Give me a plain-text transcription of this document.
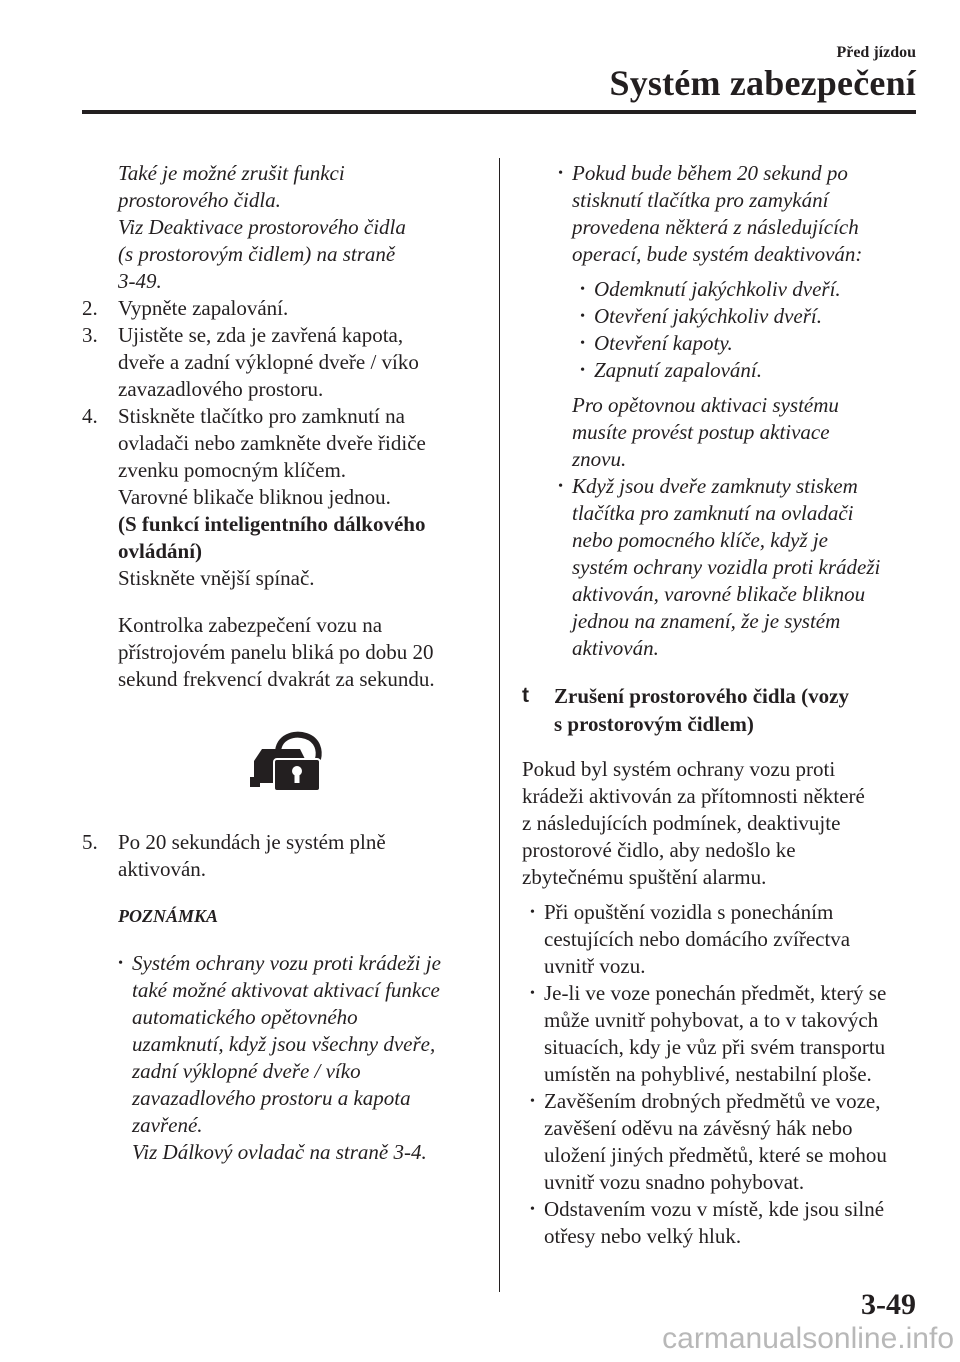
Před jízdou
Systém zabezpečení
Také je možné zrušit funkci
prostorového čidla.
Viz Deaktivace prostorového čidla
(s prostorovým čidlem) na straně
3-49.
2. Vypněte zapalování.
3. Ujistěte se, zda je zavřená kapota,
dveře a zadní výklopné dveře / víko
zavazadlového prostoru.
4. Stiskněte tlačítko pro zamknutí na
ovladači nebo zamkněte dveře řidiče
zvenku pomocným klíčem.
Varovné blikače bliknou jednou.
(S funkcí inteligentního dálkového
ovládání)
Stiskněte vnější spínač.
Kontrolka zabezpečení vozu na
přístrojovém panelu bliká po dobu 20
sekund frekvencí dvakrát za sekundu.
5. Po 20 sekundách je systém plně
aktivován.
POZNÁMKA
• Systém ochrany vozu proti krádeži je
také možné aktivovat aktivací funkce
automatického opětovného
uzamknutí, když jsou všechny dveře,
zadní výklopné dveře / víko
zavazadlového prostoru a kapota
zavřené.
Viz Dálkový ovladač na straně 3-4.
• Pokud bude během 20 sekund po
stisknutí tlačítka pro zamykání
provedena některá z následujících
operací, bude systém deaktivován:
• Odemknutí jakýchkoliv dveří.
• Otevření jakýchkoliv dveří.
• Otevření kapoty.
• Zapnutí zapalování.
Pro opětovnou aktivaci systému
musíte provést postup aktivace
znovu.
• Když jsou dveře zamknuty stiskem
tlačítka pro zamknutí na ovladači
nebo pomocného klíče, když je
systém ochrany vozidla proti krádeži
aktivován, varovné blikače bliknou
jednou na znamení, že je systém
aktivován.
t	Zrušení prostorového čidla (vozy
s prostorovým čidlem)
Pokud byl systém ochrany vozu proti
krádeži aktivován za přítomnosti některé
z následujících podmínek, deaktivujte
prostorové čidlo, aby nedošlo ke
zbytečnému spuštění alarmu.
• Při opuštění vozidla s ponecháním
cestujících nebo domácího zvířectva
uvnitř vozu.
• Je-li ve voze ponechán předmět, který se
může uvnitř pohybovat, a to v takových
situacích, kdy je vůz při svém transportu
umístěn na pohyblivé, nestabilní ploše.
• Zavěšením drobných předmětů ve voze,
zavěšení oděvu na závěsný hák nebo
uložení jiných předmětů, které se mohou
uvnitř vozu snadno pohybovat.
• Odstavením vozu v místě, kde jsou silné
otřesy nebo velký hluk.
3-49
carmanualsonline.info
